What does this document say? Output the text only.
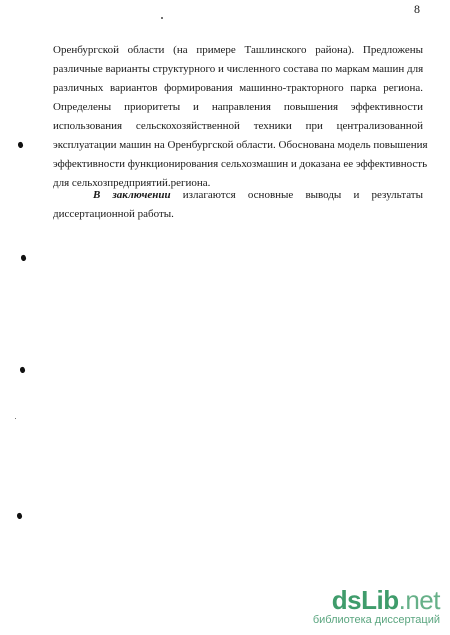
8
Оренбургской области (на примере Ташлинского района). Предложены
различные варианты структурного и численного состава по маркам машин для
различных вариантов формирования машинно-тракторного парка региона.
Определены приоритеты и направления повышения эффективности
использования сельскохозяйственной техники при централизованной
эксплуатации машин на Оренбургской области. Обоснована модель повышения
эффективности функционирования сельхозмашин и доказана ее эффективность
для сельхозпредприятий.региона.
В заключении излагаются основные выводы и результаты
диссертационной работы.
dsLib.net
библиотека диссертаций
